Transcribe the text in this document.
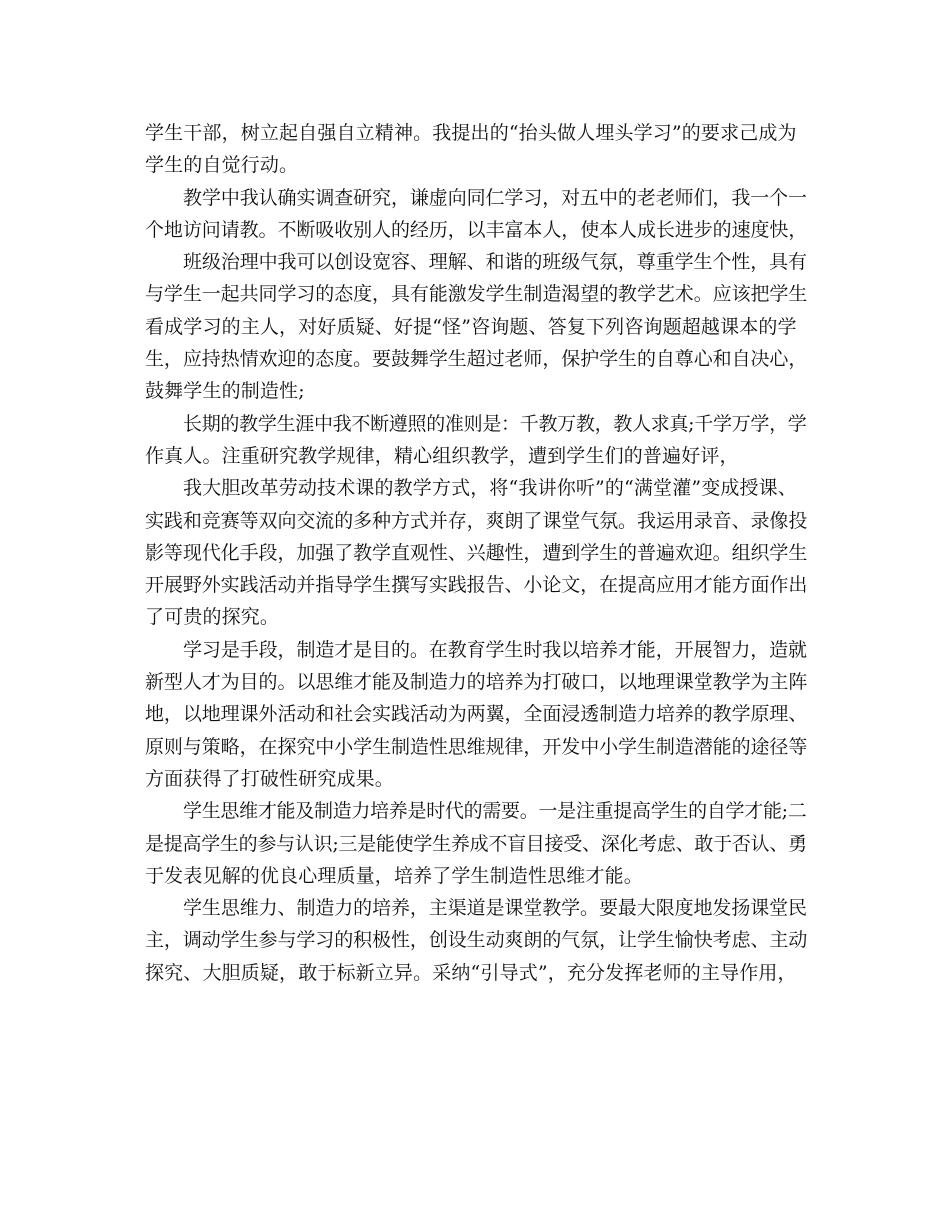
学生干部，树立起自强自立精神。我提出的“抬头做人埋头学习”的要求己成为
学生的自觉行动。
教学中我认确实调查研究，谦虚向同仁学习，对五中的老老师们，我一个一
个地访问请教。不断吸收别人的经历，以丰富本人，使本人成长进步的速度快，
班级治理中我可以创设宽容、理解、和谐的班级气氛，尊重学生个性，具有
与学生一起共同学习的态度，具有能激发学生制造渴望的教学艺术。应该把学生
看成学习的主人，对好质疑、好提“怪”咨询题、答复下列咨询题超越课本的学
生，应持热情欢迎的态度。要鼓舞学生超过老师，保护学生的自尊心和自决心，
鼓舞学生的制造性;
长期的教学生涯中我不断遵照的准则是：千教万教，教人求真;千学万学，学
作真人。注重研究教学规律，精心组织教学，遭到学生们的普遍好评，
我大胆改革劳动技术课的教学方式，将“我讲你听”的“满堂灌”变成授课、
实践和竞赛等双向交流的多种方式并存，爽朗了课堂气氛。我运用录音、录像投
影等现代化手段，加强了教学直观性、兴趣性，遭到学生的普遍欢迎。组织学生
开展野外实践活动并指导学生撰写实践报告、小论文，在提高应用才能方面作出
了可贵的探究。
学习是手段，制造才是目的。在教育学生时我以培养才能，开展智力，造就
新型人才为目的。以思维才能及制造力的培养为打破口，以地理课堂教学为主阵
地，以地理课外活动和社会实践活动为两翼，全面浸透制造力培养的教学原理、
原则与策略，在探究中小学生制造性思维规律，开发中小学生制造潜能的途径等
方面获得了打破性研究成果。
学生思维才能及制造力培养是时代的需要。一是注重提高学生的自学才能;二
是提高学生的参与认识;三是能使学生养成不盲目接受、深化考虑、敢于否认、勇
于发表见解的优良心理质量，培养了学生制造性思维才能。
学生思维力、制造力的培养，主渠道是课堂教学。要最大限度地发扬课堂民
主，调动学生参与学习的积极性，创设生动爽朗的气氛，让学生愉快考虑、主动
探究、大胆质疑，敢于标新立异。采纳“引导式”，充分发挥老师的主导作用，
